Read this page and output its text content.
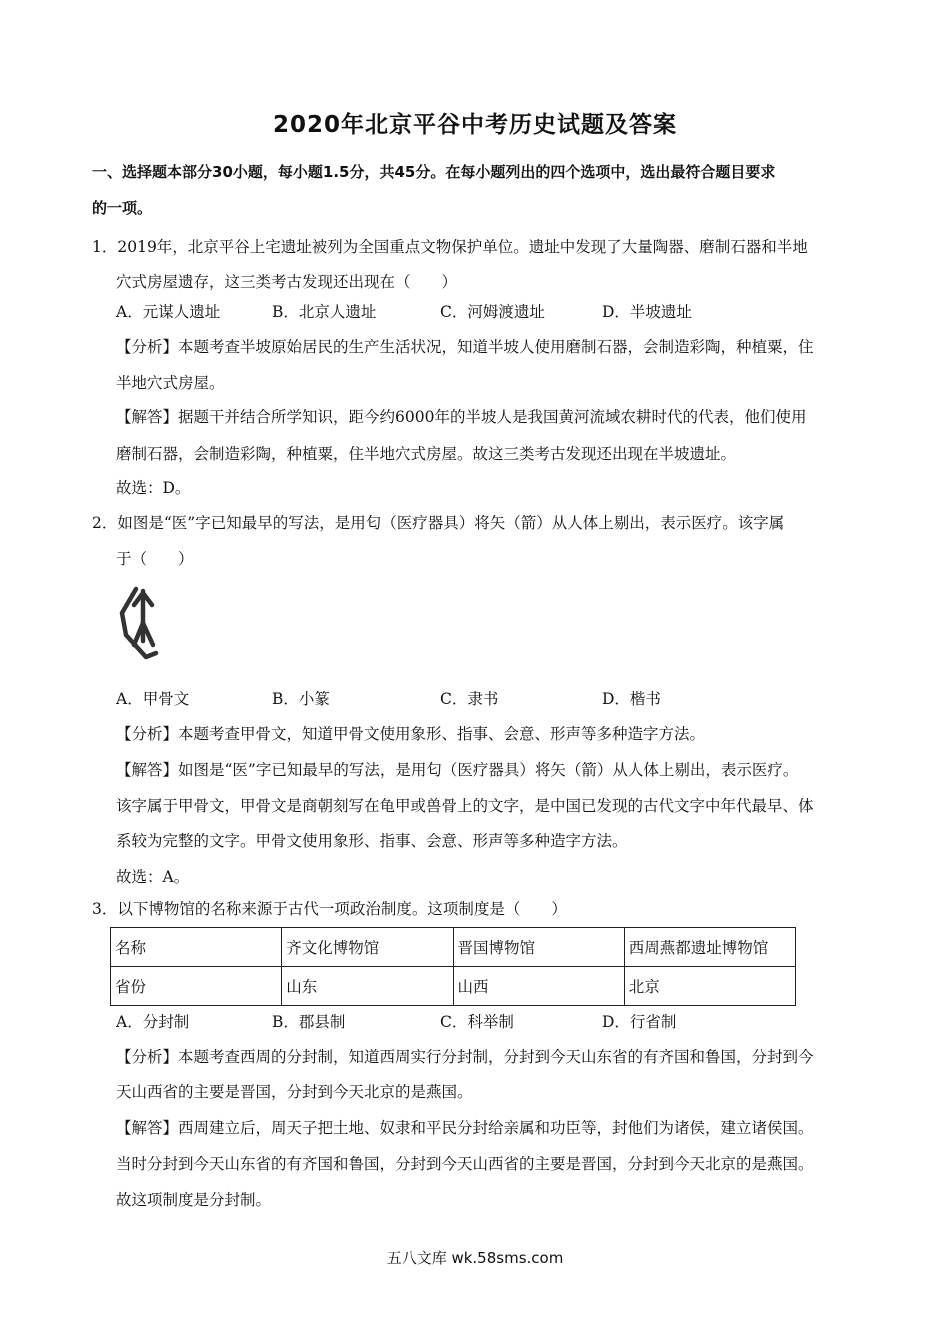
2020年北京平谷中考历史试题及答案
一、选择题本部分30小题，每小题1.5分，共45分。在每小题列出的四个选项中，选出最符合题目要求
的一项。
1．2019年，北京平谷上宅遗址被列为全国重点文物保护单位。遗址中发现了大量陶器、磨制石器和半地
穴式房屋遗存，这三类考古发现还出现在（　　）
A．元谋人遗址	B．北京人遗址	C．河姆渡遗址	D．半坡遗址
【分析】本题考查半坡原始居民的生产生活状况，知道半坡人使用磨制石器，会制造彩陶，种植粟，住
半地穴式房屋。
【解答】据题干并结合所学知识，距今约6000年的半坡人是我国黄河流域农耕时代的代表，他们使用
磨制石器，会制造彩陶，种植粟，住半地穴式房屋。故这三类考古发现还出现在半坡遗址。
故选：D。
2．如图是“医”字已知最早的写法，是用匂（医疗器具）将矢（箭）从人体上剔出，表示医疗。该字属
于（　　）
A．甲骨文	B．小篆	C．隶书	D．楷书
【分析】本题考查甲骨文，知道甲骨文使用象形、指事、会意、形声等多种造字方法。
【解答】如图是“医”字已知最早的写法，是用匂（医疗器具）将矢（箭）从人体上剔出，表示医疗。
该字属于甲骨文，甲骨文是商朝刻写在龟甲或兽骨上的文字，是中国已发现的古代文字中年代最早、体
系较为完整的文字。甲骨文使用象形、指事、会意、形声等多种造字方法。
故选：A。
3．以下博物馆的名称来源于古代一项政治制度。这项制度是（　　）
名称	齐文化博物馆	晋国博物馆	西周燕都遗址博物馆
省份	山东	山西	北京
A．分封制	B．郡县制	C．科举制	D．行省制
【分析】本题考查西周的分封制，知道西周实行分封制，分封到今天山东省的有齐国和鲁国，分封到今
天山西省的主要是晋国，分封到今天北京的是燕国。
【解答】西周建立后，周天子把土地、奴隶和平民分封给亲属和功臣等，封他们为诸侯，建立诸侯国。
当时分封到今天山东省的有齐国和鲁国，分封到今天山西省的主要是晋国，分封到今天北京的是燕国。
故这项制度是分封制。
五八文库 wk.58sms.com
